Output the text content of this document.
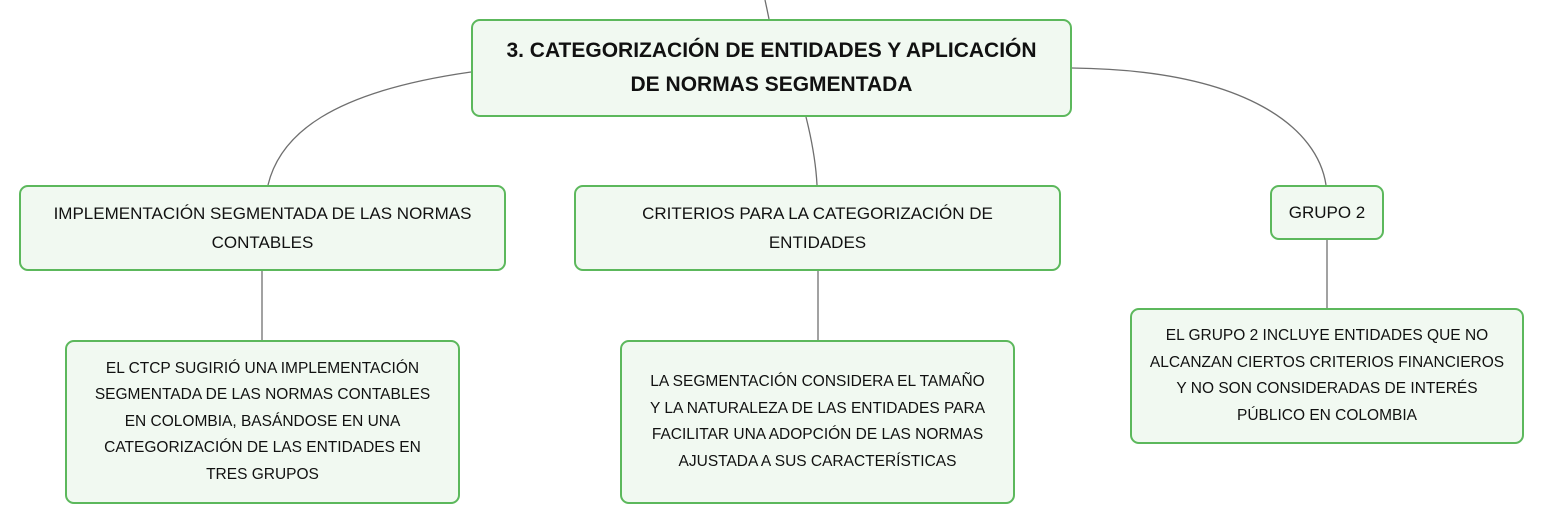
3. CATEGORIZACIÓN DE ENTIDADES Y APLICACIÓN
DE NORMAS SEGMENTADA
IMPLEMENTACIÓN SEGMENTADA DE LAS NORMAS
CONTABLES
CRITERIOS PARA LA CATEGORIZACIÓN DE
ENTIDADES
GRUPO 2
EL CTCP SUGIRIÓ UNA IMPLEMENTACIÓN
SEGMENTADA DE LAS NORMAS CONTABLES
EN COLOMBIA, BASÁNDOSE EN UNA
CATEGORIZACIÓN DE LAS ENTIDADES EN
TRES GRUPOS
LA SEGMENTACIÓN CONSIDERA EL TAMAÑO
Y LA NATURALEZA DE LAS ENTIDADES PARA
FACILITAR UNA ADOPCIÓN DE LAS NORMAS
AJUSTADA A SUS CARACTERÍSTICAS
EL GRUPO 2 INCLUYE ENTIDADES QUE NO
ALCANZAN CIERTOS CRITERIOS FINANCIEROS
Y NO SON CONSIDERADAS DE INTERÉS
PÚBLICO EN COLOMBIA
